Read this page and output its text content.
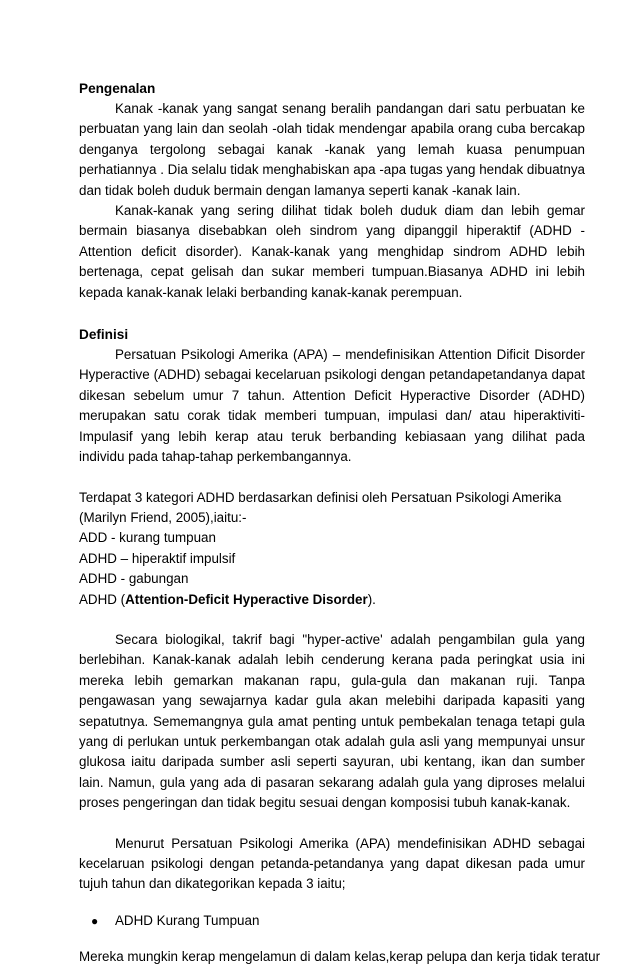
Pengenalan

Kanak -kanak yang sangat senang beralih pandangan dari satu perbuatan ke perbuatan yang lain dan seolah -olah tidak mendengar apabila orang cuba bercakap denganya tergolong sebagai kanak -kanak yang lemah kuasa penumpuan perhatiannya . Dia selalu tidak menghabiskan apa -apa tugas yang hendak dibuatnya dan tidak boleh duduk bermain dengan lamanya seperti kanak -kanak lain.

Kanak-kanak yang sering dilihat tidak boleh duduk diam dan lebih gemar bermain biasanya disebabkan oleh sindrom yang dipanggil hiperaktif (ADHD - Attention deficit disorder). Kanak-kanak yang menghidap sindrom ADHD lebih bertenaga, cepat gelisah dan sukar memberi tumpuan.Biasanya ADHD ini lebih kepada kanak-kanak lelaki berbanding kanak-kanak perempuan.

Definisi

Persatuan Psikologi Amerika (APA) – mendefinisikan Attention Dificit Disorder Hyperactive (ADHD) sebagai kecelaruan psikologi dengan petandapetandanya dapat dikesan sebelum umur 7 tahun. Attention Deficit Hyperactive Disorder (ADHD) merupakan satu corak tidak memberi tumpuan, impulasi dan/ atau hiperaktiviti-Impulasif yang lebih kerap atau teruk berbanding kebiasaan yang dilihat pada individu pada tahap-tahap perkembangannya.

Terdapat 3 kategori ADHD berdasarkan definisi oleh Persatuan Psikologi Amerika

(Marilyn Friend, 2005),iaitu:-

ADD - kurang tumpuan

ADHD – hiperaktif impulsif

ADHD - gabungan

ADHD (Attention-Deficit Hyperactive Disorder).

Secara biologikal, takrif bagi "hyper-active' adalah pengambilan gula yang berlebihan. Kanak-kanak adalah lebih cenderung kerana pada peringkat usia ini mereka lebih gemarkan makanan rapu, gula-gula dan makanan ruji. Tanpa pengawasan yang sewajarnya kadar gula akan melebihi daripada kapasiti yang sepatutnya. Sememangnya gula amat penting untuk pembekalan tenaga tetapi gula yang di perlukan untuk perkembangan otak adalah gula asli yang mempunyai unsur glukosa iaitu daripada sumber asli seperti sayuran, ubi kentang, ikan dan sumber lain. Namun, gula yang ada di pasaran sekarang adalah gula yang diproses melalui proses pengeringan dan tidak begitu sesuai dengan komposisi tubuh kanak-kanak.

Menurut Persatuan Psikologi Amerika (APA) mendefinisikan ADHD sebagai kecelaruan psikologi dengan petanda-petandanya yang dapat dikesan pada umur tujuh tahun dan dikategorikan kepada 3 iaitu;

●	ADHD Kurang Tumpuan

Mereka mungkin kerap mengelamun di dalam kelas,kerap pelupa dan kerja tidak teratur
